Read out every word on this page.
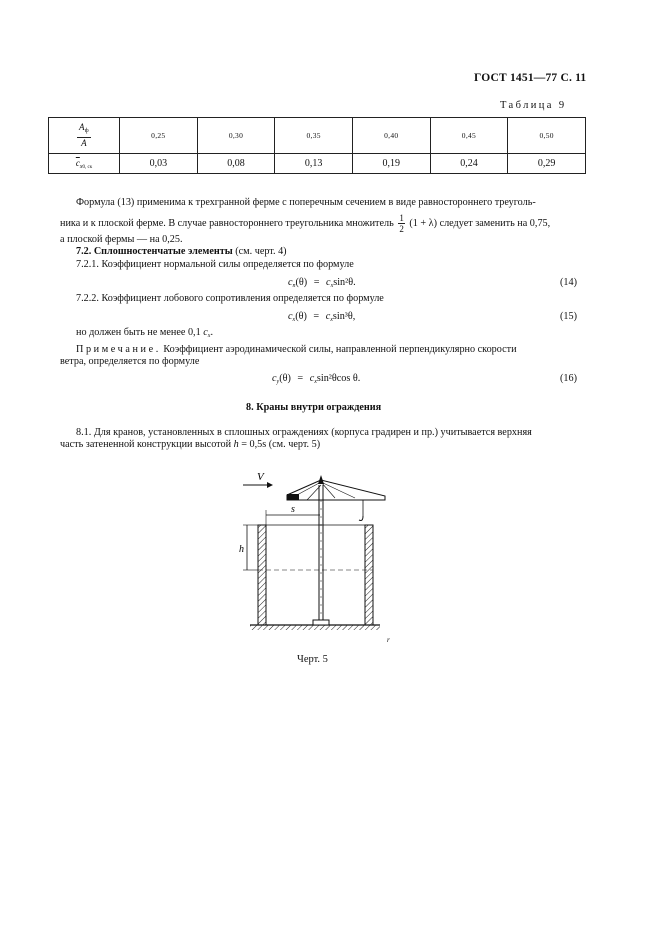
ГОСТ 1451—77 С. 11
Таблица 9
$\frac{A_ф}{A}$	0,25	0,30	0,35	0,40	0,45	0,50
$\overline{c}_{x0, cк}$	0,03	0,08	0,13	0,19	0,24	0,29
Формула (13) применима к трехгранной ферме с поперечным сечением в виде равностороннего треуголь-
ника и к плоской ферме. В случае равностороннего треугольника множитель $\frac{1}{2} (1 + \lambda)$ следует заменить на 0,75,
а плоской фермы — на 0,25.
7.2. Сплошностенчатые элементы (см. черт. 4)
7.2.1. Коэффициент нормальной силы определяется по формуле
$c_n(\theta) = c_x\sin^2\theta$.	(14)
7.2.2. Коэффициент лобового сопротивления определяется по формуле
$c_x(\theta) = c_x\sin^3\theta$,	(15)
но должен быть не менее 0,1 $c_x$.
Примечание. Коэффициент аэродинамической силы, направленной перпендикулярно скорости
ветра, определяется по формуле
$c_y(\theta) = c_x\sin^2\theta\cos$ θ.	(16)
8. Краны внутри ограждения
8.1. Для кранов, установленных в сплошных ограждениях (корпуса градирен и пр.) учитывается верхняя
часть затененной конструкции высотой h = 0,5s (см. черт. 5)
V
h
s
r
Черт. 5
